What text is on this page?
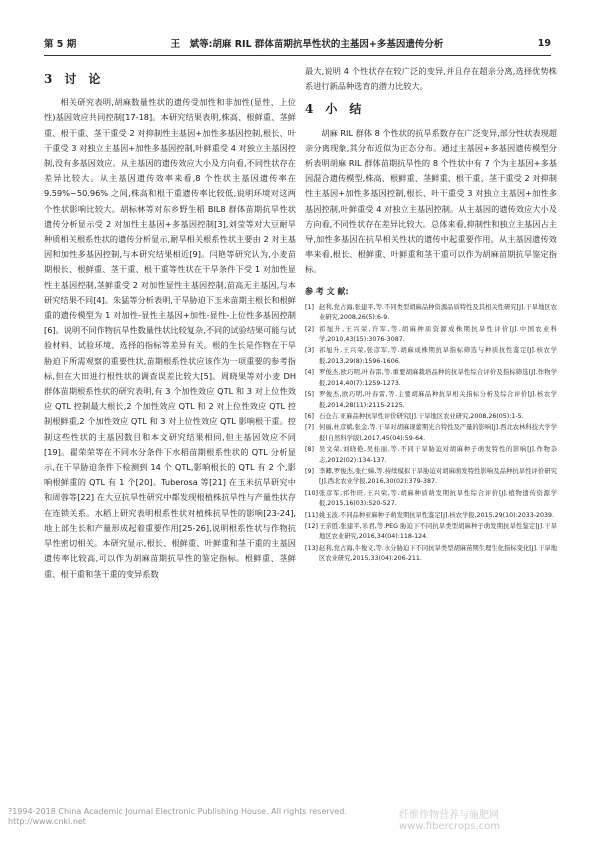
第 5 期	王　斌等:胡麻 RIL 群体苗期抗旱性状的主基因+多基因遗传分析	19
3　讨　论

相关研究表明,胡麻数量性状的遗传受加性和非加性(显性、上位性)基因效应共同控制[17-18]。本研究结果表明,株高、根鲜重、茎鲜重、根干重、茎干重受 2 对抑制性主基因+加性多基因控制,根长、叶干重受 3 对独立主基因+加性多基因控制,叶鲜重受 4 对独立主基因控制,没有多基因效应。从主基因的遗传效应大小及方向看,不同性状存在差异比较大。从主基因遗传效率来看,8 个性状主基因遗传率在 9.59%~50.96% 之间,株高和根干重遗传率比较低,说明环境对这两个性状影响比较大。胡标林等对东乡野生稻 BIL8 群体苗期抗旱性状遗传分析显示受 2 对加性主基因+多基因控制[3],刘莹等对大豆耐旱种质相关根系性状的遗传分析显示,耐旱相关根系性状主要由 2 对主基因和加性多基因控制,与本研究结果相近[9]。闫艳等研究认为,小麦苗期根长、根鲜重、茎干重、根干重等性状在干旱条件下受 1 对加性显性主基因控制,茎鲜重受 2 对加性显性主基因控制,苗高无主基因,与本研究结果不同[4]。朱猛等分析表明,干旱胁迫下玉米苗期主根长和根鲜重的遗传模型为 1 对加性-显性主基因+加性-显性-上位性多基因控制[6]。说明不同作物抗旱性数量性状比较复杂,不同的试验结果可能与试验材料、试验环境、选择的指标等差异有关。根的生长是作物在干旱胁迫下所需观察的重要性状,苗期根系性状应该作为一项重要的参考指标,但在大田进行根性状的调查误差比较大[5]。周晓果等对小麦 DH 群体苗期根系性状的研究表明,有 3 个加性效应 QTL 和 3 对上位性效应 QTL 控制最大根长,2 个加性效应 QTL 和 2 对上位性效应 QTL 控制根鲜重,2 个加性效应 QTL 和 3 对上位性效应 QTL 影响根干重。控制这些性状的主基因数目和本文研究结果相同,但主基因效应不同[19]。翟荣荣等在不同水分条件下水稻苗期根系性状的 QTL 分析显示,在干旱胁迫条件下检测到 14 个 QTL,影响根长的 QTL 有 2 个,影响根鲜重的 QTL 有 1 个[20]。Tuberosa 等[21] 在玉米抗旱研究中和周蓉等[22] 在大豆抗旱性研究中都发现根植株抗旱性与产量性状存在连锁关系。水稻上研究表明根系性状对植株抗旱性的影响[23-24],地上部生长和产量形成起着重要作用[25-26],说明根系性状与作物抗旱性密切相关。本研究显示,根长、根鲜重、叶鲜重和茎干重的主基因遗传率比较高,可以作为胡麻苗期抗旱性的鉴定指标。根鲜重、茎鲜重、根干重和茎干重的变异系数

最大,说明 4 个性状存在较广泛的变异,并且存在超亲分离,选择优势株系进行新品种选育的潜力比较大。

4　小　结

胡麻 RIL 群体 8 个性状的抗旱系数存在广泛变异,部分性状表现超亲分离现象,其分布近似为正态分布。通过主基因+多基因遗传模型分析表明胡麻 RIL 群体苗期抗旱性的 8 个性状中有 7 个为主基因+多基因混合遗传模型,株高、根鲜重、茎鲜重、根干重、茎干重受 2 对抑制性主基因+加性多基因控制,根长、叶干重受 3 对独立主基因+加性多基因控制,叶鲜重受 4 对独立主基因控制。从主基因的遗传效应大小及方向看,不同性状存在差异比较大。总体来看,抑制性和独立主基因占主导,加性多基因在抗旱相关性状的遗传中起重要作用。从主基因遗传效率来看,根长、根鲜重、叶鲜重和茎干重可以作为胡麻苗期抗旱鉴定指标。

参 考 文 献:
[1] 赵利,党占海,张建平,等.不同类型胡麻品种资源品质特性及其相关性研究[J].干旱地区农业研究,2008,26(5):6-9.
[2] 祁旭升,王兴荣,许军,等.胡麻种质资源成株期抗旱性评价[J].中国农业科学,2010,43(15):3076-3087.
[3] 祁旭升,王兴荣,张彦军,等.胡麻成株期抗旱指标筛选与种质抗性鉴定[J].核农学报,2013,29(8):1596-1606.
[4] 罗俊杰,欧巧明,叶春雷,等.重要胡麻栽培品种的抗旱性综合评价及指标筛选[J].作物学报,2014,40(7):1259-1273.
[5] 罗俊杰,欧巧明,叶春雷,等.主要胡麻品种抗旱相关指标分析及综合评价[J].核农学报,2014,28(11):2115-2125.
[6] 石仓吉.亚麻品种抗旱性评价研究[J].干旱地区农业研究,2008,26(05):1-5.
[7] 何丽,杜彦斌,张金,等.干旱对胡麻现蕾期光合特性及产量的影响[J].西北农林科技大学学报(自然科学版),2017,45(04):59-64.
[8] 吴文荣,刘晓艳,吴桂丽,等.不同干旱胁迫对胡麻种子萌发特性的影响[J].作物杂志,2012(02):134-137.
[9] 李卿,罗俊杰,张仁娣,等.持续模拟干旱胁迫对胡麻萌发特性影响及品种抗旱性评价研究[J].西北农业学报,2016,30(02):379-387.
[10] 张彦军,祁作旺,王兴荣,等.胡麻种质萌发期抗旱性综合评价[J].植物遗传资源学报,2015,16(03):520-527.
[11] 姚玉波.不同品种亚麻种子萌发期抗旱性鉴定[J].核农学报,2015,29(10):2033-2039.
[12] 王亲胜,张建平,米君,等.PEG 胁迫下不同抗旱类型胡麻种子萌发期抗旱性鉴定[J].干旱地区农业研究,2016,34(04):118-124.
[13] 赵利,党占海,牛俊义,等.水分胁迫下不同抗旱类型胡麻苗期生理生化指标变化[J].干旱地区农业研究,2015,33(04):206-211.
?1994-2018 China Academic Journal Electronic Publishing House. All rights reserved.　http://www.cnki.net
纤维作物营养与施肥网 www.fibercrops.com
